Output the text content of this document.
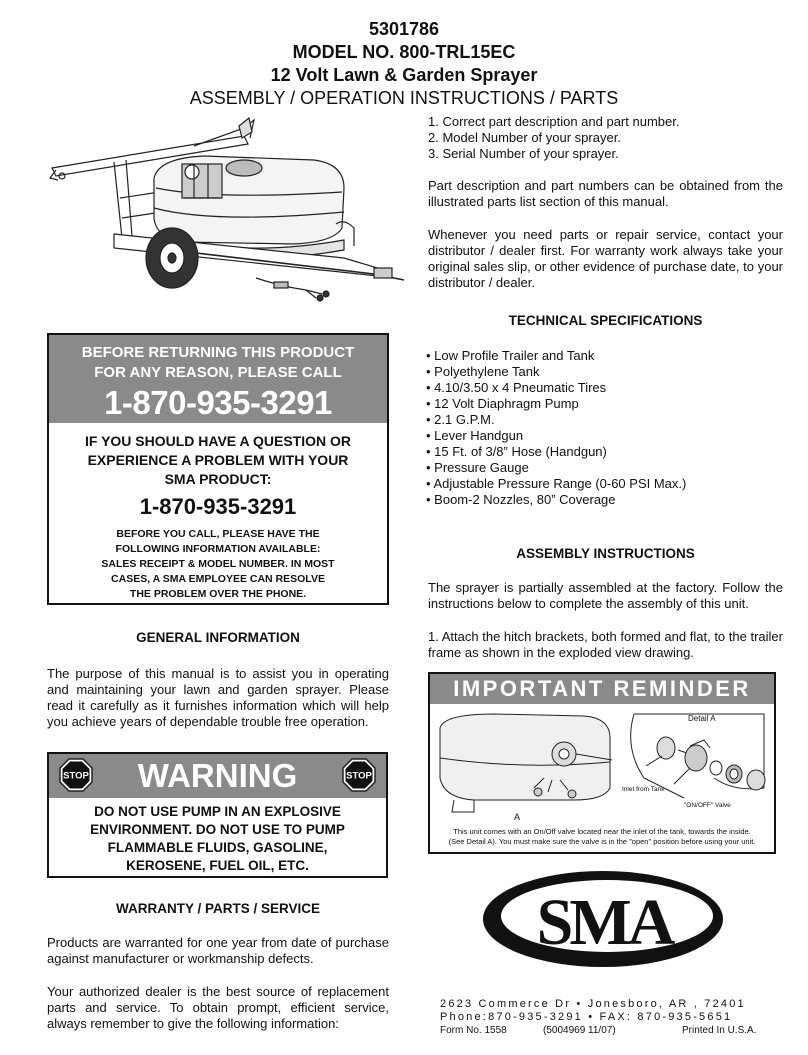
5301786
MODEL NO. 800-TRL15EC
12 Volt Lawn & Garden Sprayer
ASSEMBLY / OPERATION INSTRUCTIONS / PARTS
1. Correct part description and part number.
2. Model Number of your sprayer.
3. Serial Number of your sprayer.

Part description and part numbers can be obtained from the illustrated parts list section of this manual.

Whenever you need parts or repair service, contact your distributor / dealer first. For warranty work always take your original sales slip, or other evidence of purchase date, to your distributor / dealer.

TECHNICAL SPECIFICATIONS
• Low Profile Trailer and Tank
• Polyethylene Tank
• 4.10/3.50 x 4 Pneumatic Tires
• 12 Volt Diaphragm Pump
• 2.1 G.P.M.
• Lever Handgun
• 15 Ft. of 3/8” Hose (Handgun)
• Pressure Gauge
• Adjustable Pressure Range (0-60 PSI Max.)
• Boom-2 Nozzles, 80” Coverage
ASSEMBLY INSTRUCTIONS

The sprayer is partially assembled at the factory. Follow the instructions below to complete the assembly of this unit.

1. Attach the hitch brackets, both formed and flat, to the trailer frame as shown in the exploded view drawing.

BEFORE RETURNING THIS PRODUCT
FOR ANY REASON, PLEASE CALL
1-870-935-3291
IF YOU SHOULD HAVE A QUESTION OR
EXPERIENCE A PROBLEM WITH YOUR
SMA PRODUCT:
1-870-935-3291
BEFORE YOU CALL, PLEASE HAVE THE
FOLLOWING INFORMATION AVAILABLE:
SALES RECEIPT & MODEL NUMBER. IN MOST
CASES, A SMA EMPLOYEE CAN RESOLVE
THE PROBLEM OVER THE PHONE.
GENERAL INFORMATION

The purpose of this manual is to assist you in operating and maintaining your lawn and garden sprayer. Please read it carefully as it furnishes information which will help you achieve years of dependable trouble free operation.

STOP	WARNING	STOP
DO NOT USE PUMP IN AN EXPLOSIVE
ENVIRONMENT. DO NOT USE TO PUMP
FLAMMABLE FLUIDS, GASOLINE,
KEROSENE, FUEL OIL, ETC.
WARRANTY / PARTS / SERVICE

Products are warranted for one year from date of purchase against manufacturer or workmanship defects.

Your authorized dealer is the best source of replacement parts and service. To obtain prompt, efficient service, always remember to give the following information:

IMPORTANT REMINDER
Detail A
Inlet from Tank
"ON/OFF" Valve
A
This unit comes with an On/Off valve located near the inlet of the tank, towards the inside.
(See Detail A). You must make sure the valve is in the "open" position before using your unit.
SMA
2623 Commerce Dr • Jonesboro, AR , 72401
Phone:870-935-3291 • FAX: 870-935-5651
Form No. 1558	(5004969 11/07)	Printed In U.S.A.
